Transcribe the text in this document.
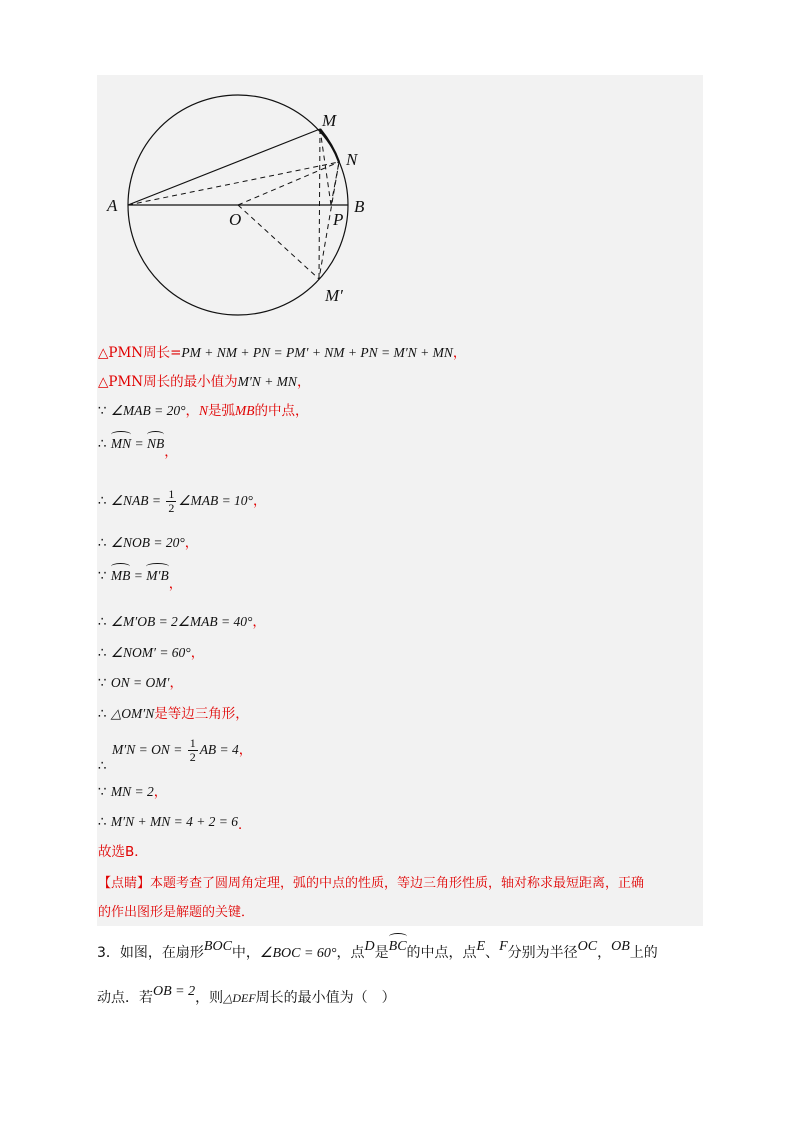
A	B
O
M
N
P
M′
△PMN周长=PM + NM + PN = PM′ + NM + PN = M′N + MN，
△PMN周长的最小值为M′N + MN，
∵ ∠MAB = 20°，N是弧MB的中点，
∴ MN = NB，
∴ ∠NAB = $\frac{1}{2}$ ∠MAB = 10°，
∴ ∠NOB = 20°，
∵ MB = M′B，
∴ ∠M′OB = 2∠MAB = 40°，
∴ ∠NOM′ = 60°，
∵ ON = OM′，
∴ △OM′N是等边三角形，
M′N = ON = $\frac{1}{2}$ AB = 4，
∴
∵ MN = 2，
∴ M′N + MN = 4 + 2 = 6．
故选B．
【点睛】本题考查了圆周角定理，弧的中点的性质，等边三角形性质，轴对称求最短距离，正确
的作出图形是解题的关键．
3．如图，在扇形BOC中，∠BOC = 60°，点D是BC的中点，点E、F分别为半径OC，OB上的
动点．若OB = 2，则△DEF周长的最小值为（　）
